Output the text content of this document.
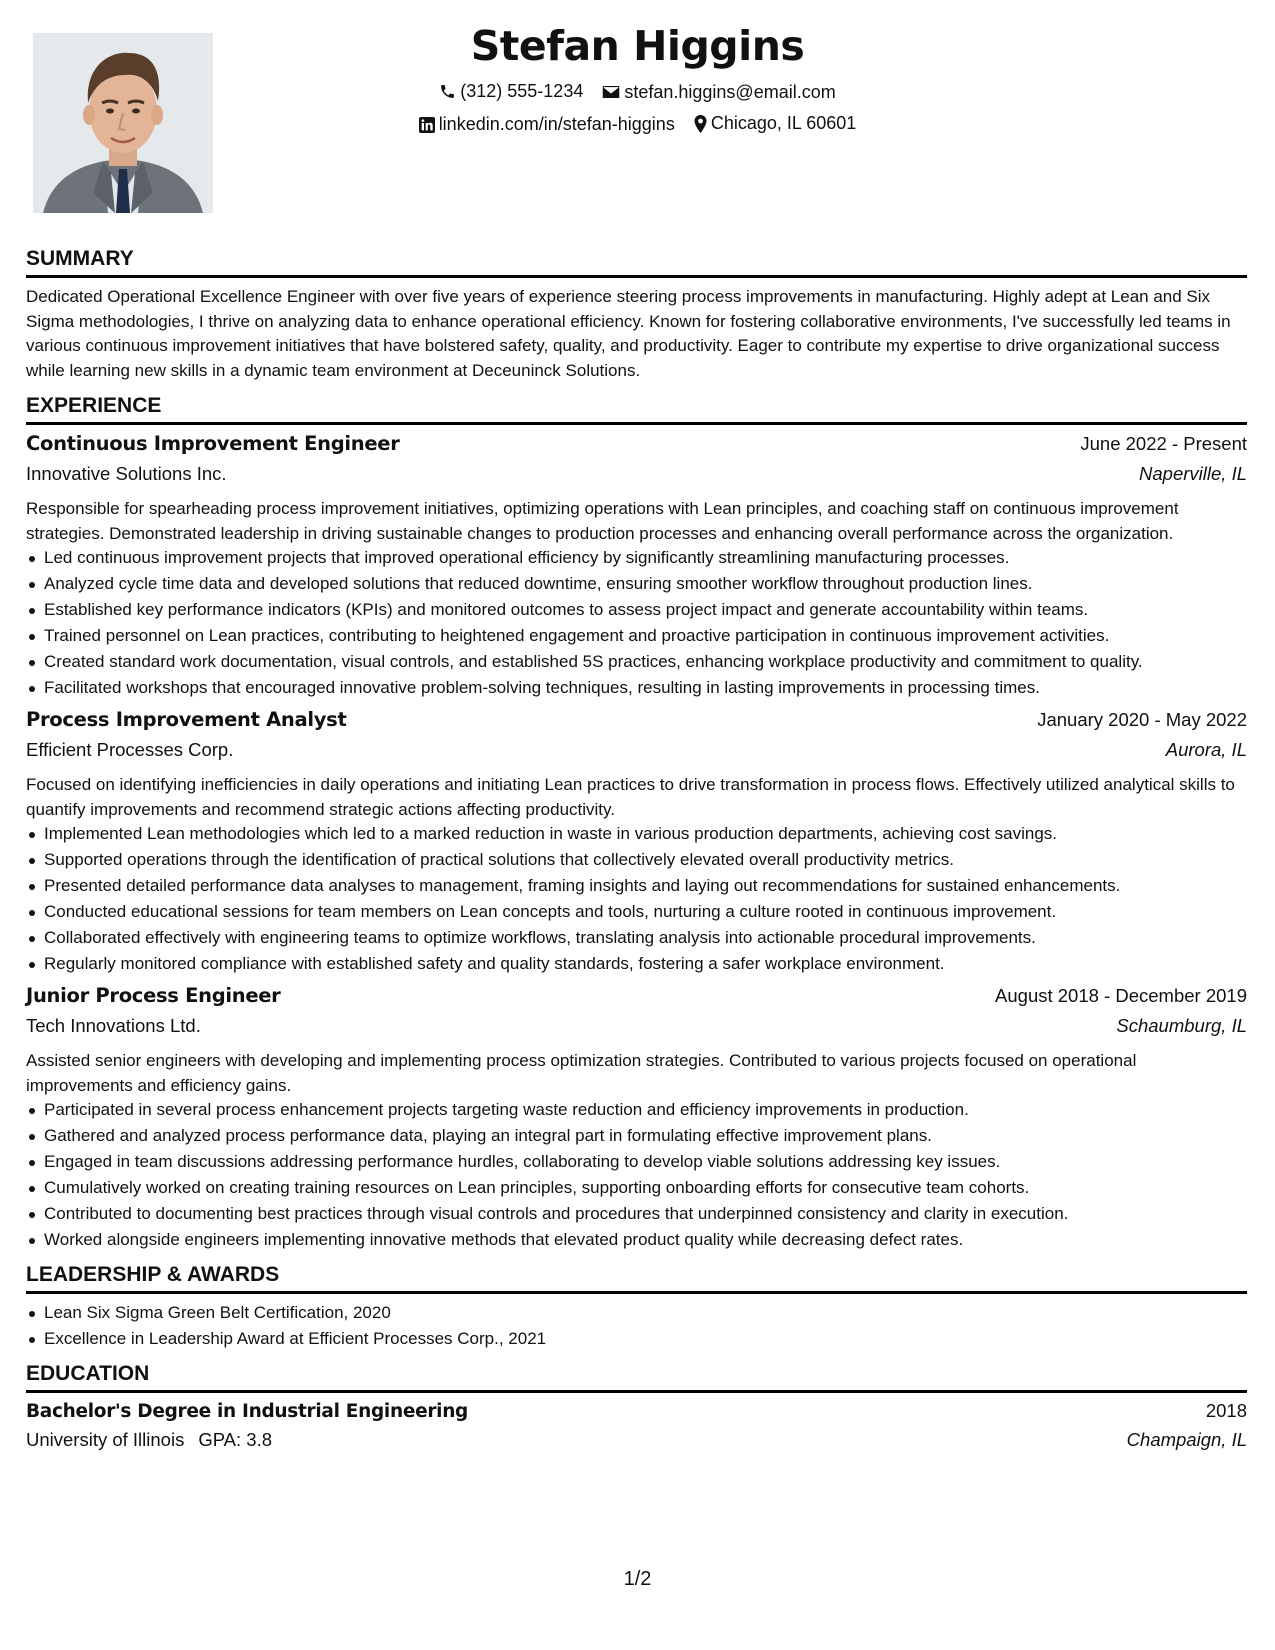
Stefan Higgins
(312) 555-1234
stefan.higgins@email.com
linkedin.com/in/stefan-higgins
Chicago, IL 60601
SUMMARY

Dedicated Operational Excellence Engineer with over five years of experience steering process improvements in manufacturing. Highly adept at Lean and Six Sigma methodologies, I thrive on analyzing data to enhance operational efficiency. Known for fostering collaborative environments, I've successfully led teams in various continuous improvement initiatives that have bolstered safety, quality, and productivity. Eager to contribute my expertise to drive organizational success while learning new skills in a dynamic team environment at Deceuninck Solutions.

EXPERIENCE
Continuous Improvement Engineer	June 2022 - Present
Innovative Solutions Inc.	Naperville, IL

Responsible for spearheading process improvement initiatives, optimizing operations with Lean principles, and coaching staff on continuous improvement strategies. Demonstrated leadership in driving sustainable changes to production processes and enhancing overall performance across the organization.

Led continuous improvement projects that improved operational efficiency by significantly streamlining manufacturing processes.
Analyzed cycle time data and developed solutions that reduced downtime, ensuring smoother workflow throughout production lines.
Established key performance indicators (KPIs) and monitored outcomes to assess project impact and generate accountability within teams.
Trained personnel on Lean practices, contributing to heightened engagement and proactive participation in continuous improvement activities.
Created standard work documentation, visual controls, and established 5S practices, enhancing workplace productivity and commitment to quality.
Facilitated workshops that encouraged innovative problem-solving techniques, resulting in lasting improvements in processing times.
Process Improvement Analyst	January 2020 - May 2022
Efficient Processes Corp.	Aurora, IL

Focused on identifying inefficiencies in daily operations and initiating Lean practices to drive transformation in process flows. Effectively utilized analytical skills to quantify improvements and recommend strategic actions affecting productivity.

Implemented Lean methodologies which led to a marked reduction in waste in various production departments, achieving cost savings.
Supported operations through the identification of practical solutions that collectively elevated overall productivity metrics.
Presented detailed performance data analyses to management, framing insights and laying out recommendations for sustained enhancements.
Conducted educational sessions for team members on Lean concepts and tools, nurturing a culture rooted in continuous improvement.
Collaborated effectively with engineering teams to optimize workflows, translating analysis into actionable procedural improvements.
Regularly monitored compliance with established safety and quality standards, fostering a safer workplace environment.
Junior Process Engineer	August 2018 - December 2019
Tech Innovations Ltd.	Schaumburg, IL

Assisted senior engineers with developing and implementing process optimization strategies. Contributed to various projects focused on operational improvements and efficiency gains.

Participated in several process enhancement projects targeting waste reduction and efficiency improvements in production.
Gathered and analyzed process performance data, playing an integral part in formulating effective improvement plans.
Engaged in team discussions addressing performance hurdles, collaborating to develop viable solutions addressing key issues.
Cumulatively worked on creating training resources on Lean principles, supporting onboarding efforts for consecutive team cohorts.
Contributed to documenting best practices through visual controls and procedures that underpinned consistency and clarity in execution.
Worked alongside engineers implementing innovative methods that elevated product quality while decreasing defect rates.
LEADERSHIP & AWARDS
Lean Six Sigma Green Belt Certification, 2020
Excellence in Leadership Award at Efficient Processes Corp., 2021
EDUCATION
Bachelor's Degree in Industrial Engineering	2018
University of Illinois GPA: 3.8	Champaign, IL
1/2
